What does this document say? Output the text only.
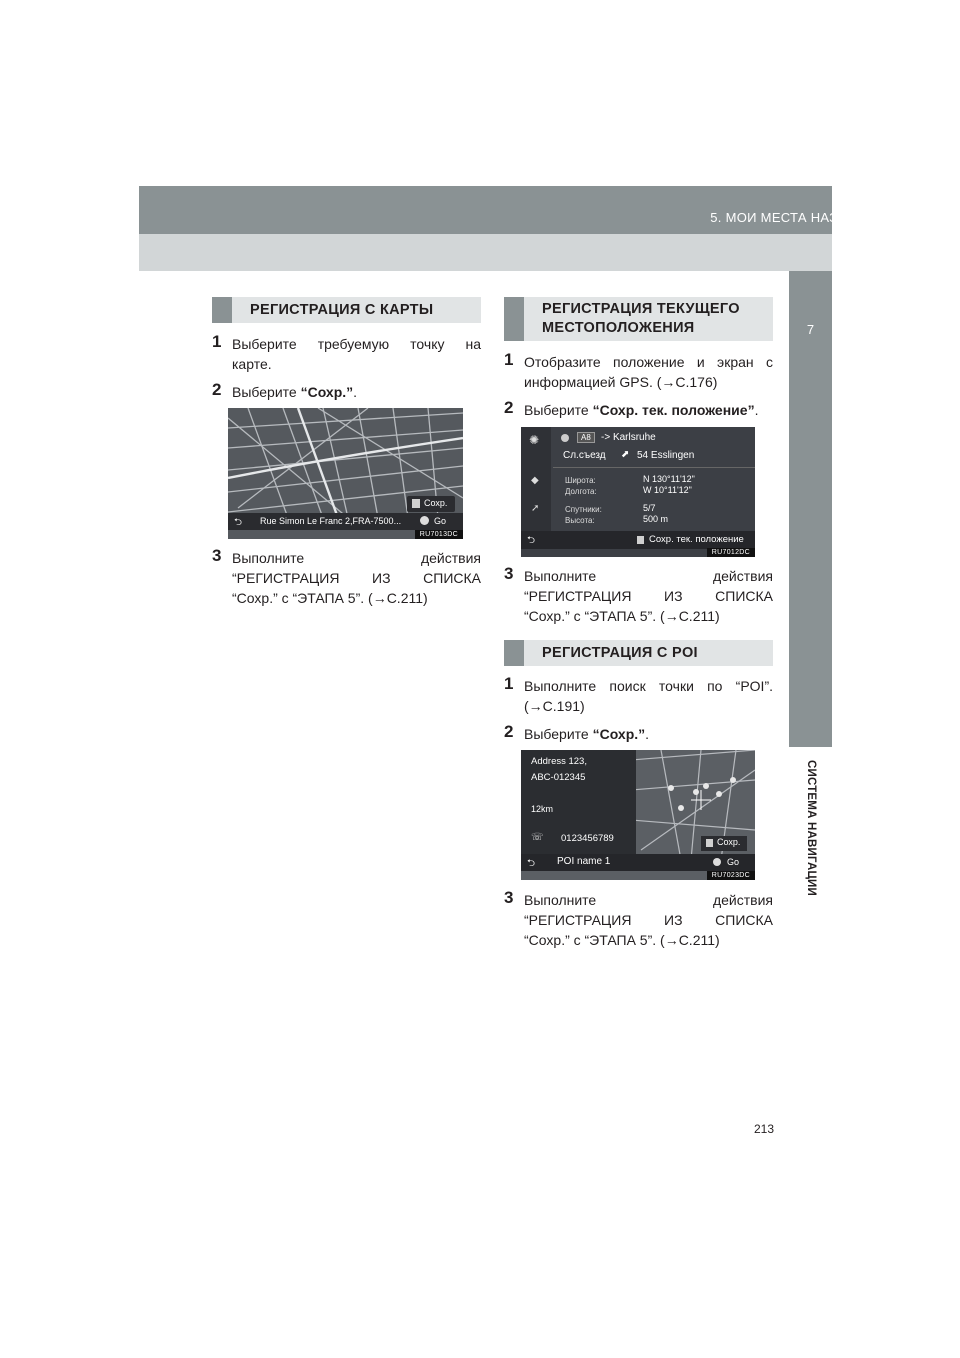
5. МОИ МЕСТА НАЗНАЧЕНИЯ
7
СИСТЕМА НАВИГАЦИИ
РЕГИСТРАЦИЯ С КАРТЫ
1 Выберите требуемую точку на
карте.
2 Выберите “Сохр.”.
Сохр.
⮌ Rue Simon Le Franc 2,FRA-7500...	Go
RU7013DC
3 Выполните действия
“РЕГИСТРАЦИЯ ИЗ СПИСКА
“Сохр.” с “ЭТАПА 5”. (→С.211)
РЕГИСТРАЦИЯ ТЕКУЩЕГО
МЕСТОПОЛОЖЕНИЯ
1 Отобразите положение и экран с
информацией GPS. (→С.176)
2 Выберите “Сохр. тек. положение”.
✺
◆
➚
A8	-> Karlsruhe
Сл.съезд ⬈ 54 Esslingen
Широта:	N 130°11'12"
Долгота:	W 10°11'12"
Спутники:	5/7
Высота:	500 m
⮌	Сохр. тек. положение
RU7012DC
3 Выполните действия
“РЕГИСТРАЦИЯ ИЗ СПИСКА
“Сохр.” с “ЭТАПА 5”. (→С.211)
РЕГИСТРАЦИЯ С POI
1 Выполните поиск точки по “POI”.
(→С.191)
2 Выберите “Сохр.”.
Address 123,
ABC-012345
12km
☏ 0123456789	Сохр.
⮌ POI name 1	Go
RU7023DC
3 Выполните действия
“РЕГИСТРАЦИЯ ИЗ СПИСКА
“Сохр.” с “ЭТАПА 5”. (→С.211)
213
